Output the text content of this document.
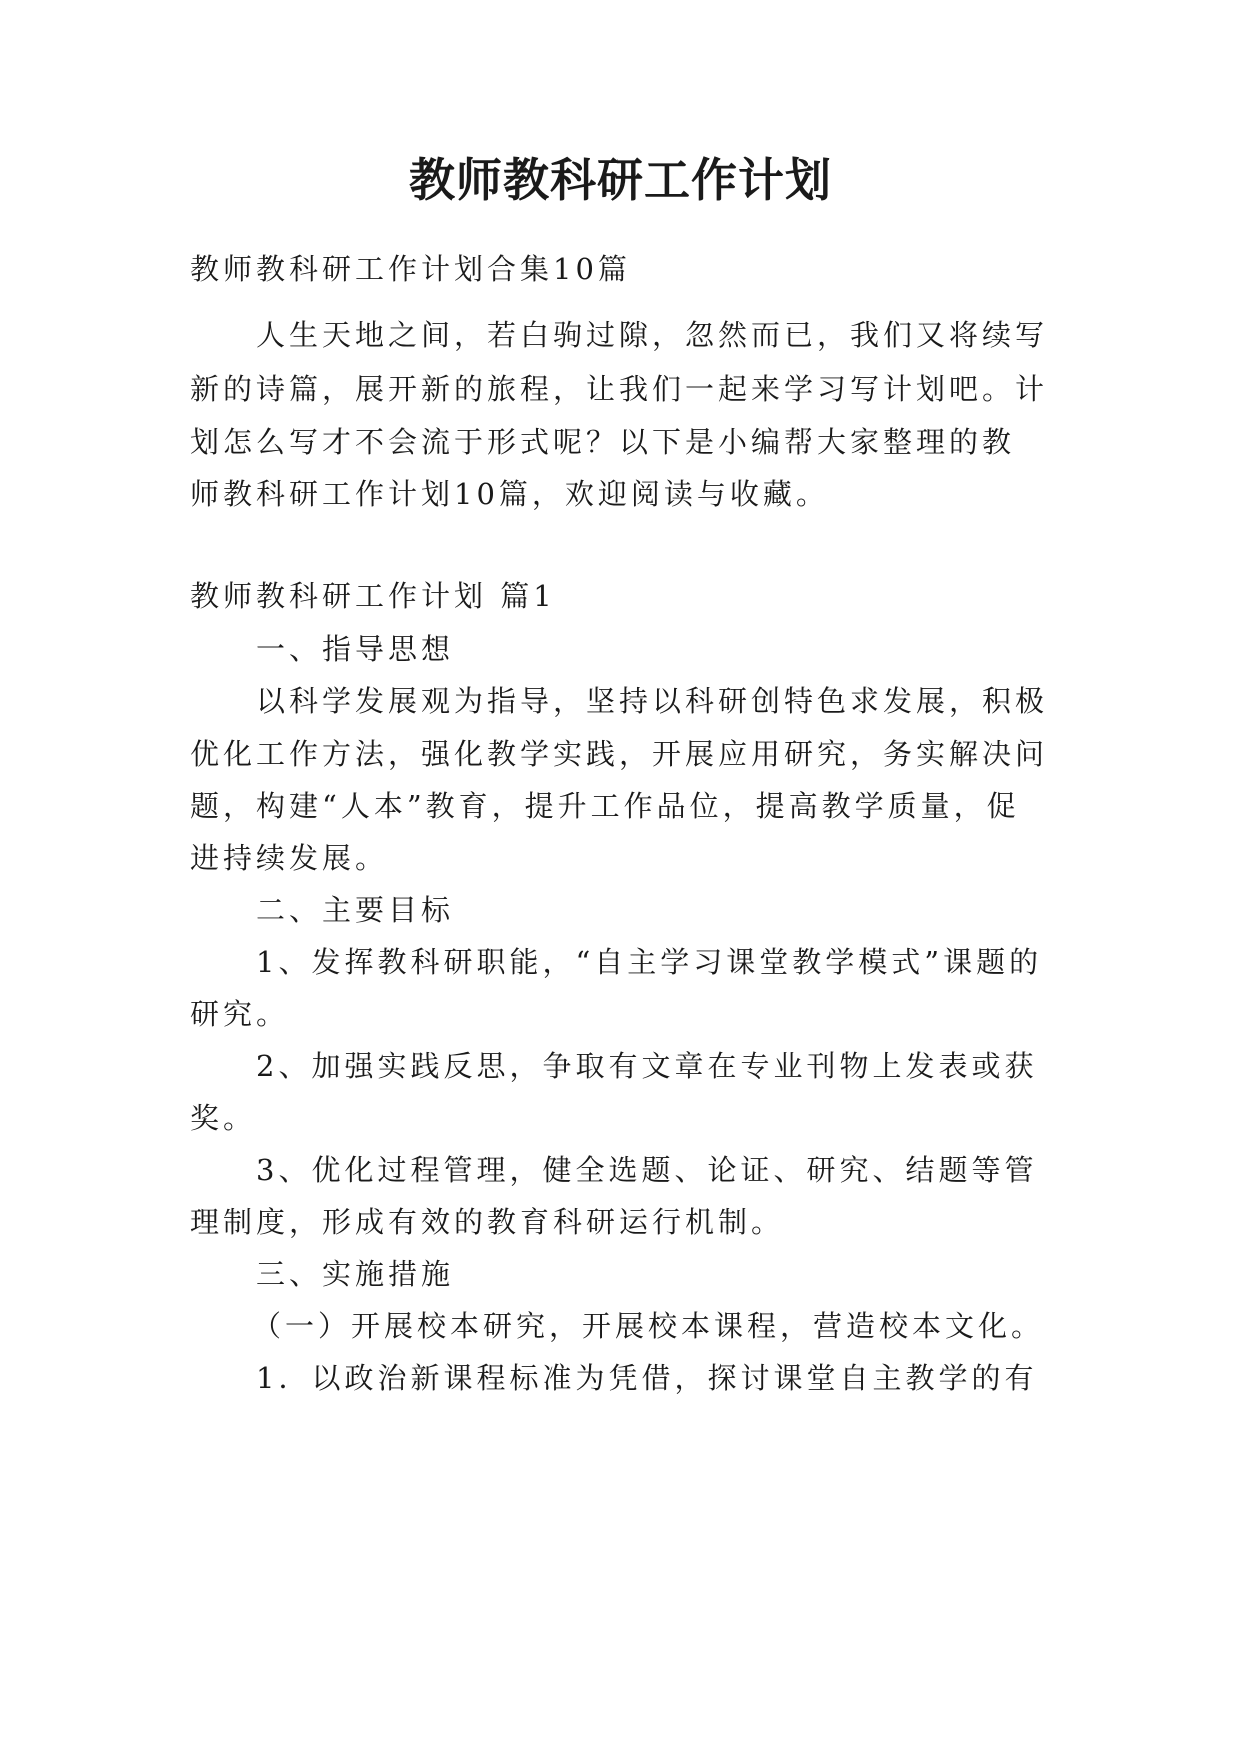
教师教科研工作计划
教师教科研工作计划合集10篇
人生天地之间，若白驹过隙，忽然而已，我们又将续写
新的诗篇，展开新的旅程，让我们一起来学习写计划吧。计
划怎么写才不会流于形式呢？以下是小编帮大家整理的教
师教科研工作计划10篇，欢迎阅读与收藏。
教师教科研工作计划 篇1
一、指导思想
以科学发展观为指导，坚持以科研创特色求发展，积极
优化工作方法，强化教学实践，开展应用研究，务实解决问
题，构建“人本”教育，提升工作品位，提高教学质量，促
进持续发展。
二、主要目标
1、发挥教科研职能，“自主学习课堂教学模式”课题的
研究。
2、加强实践反思，争取有文章在专业刊物上发表或获
奖。
3、优化过程管理，健全选题、论证、研究、结题等管
理制度，形成有效的教育科研运行机制。
三、实施措施
（一）开展校本研究，开展校本课程，营造校本文化。
1．以政治新课程标准为凭借，探讨课堂自主教学的有
